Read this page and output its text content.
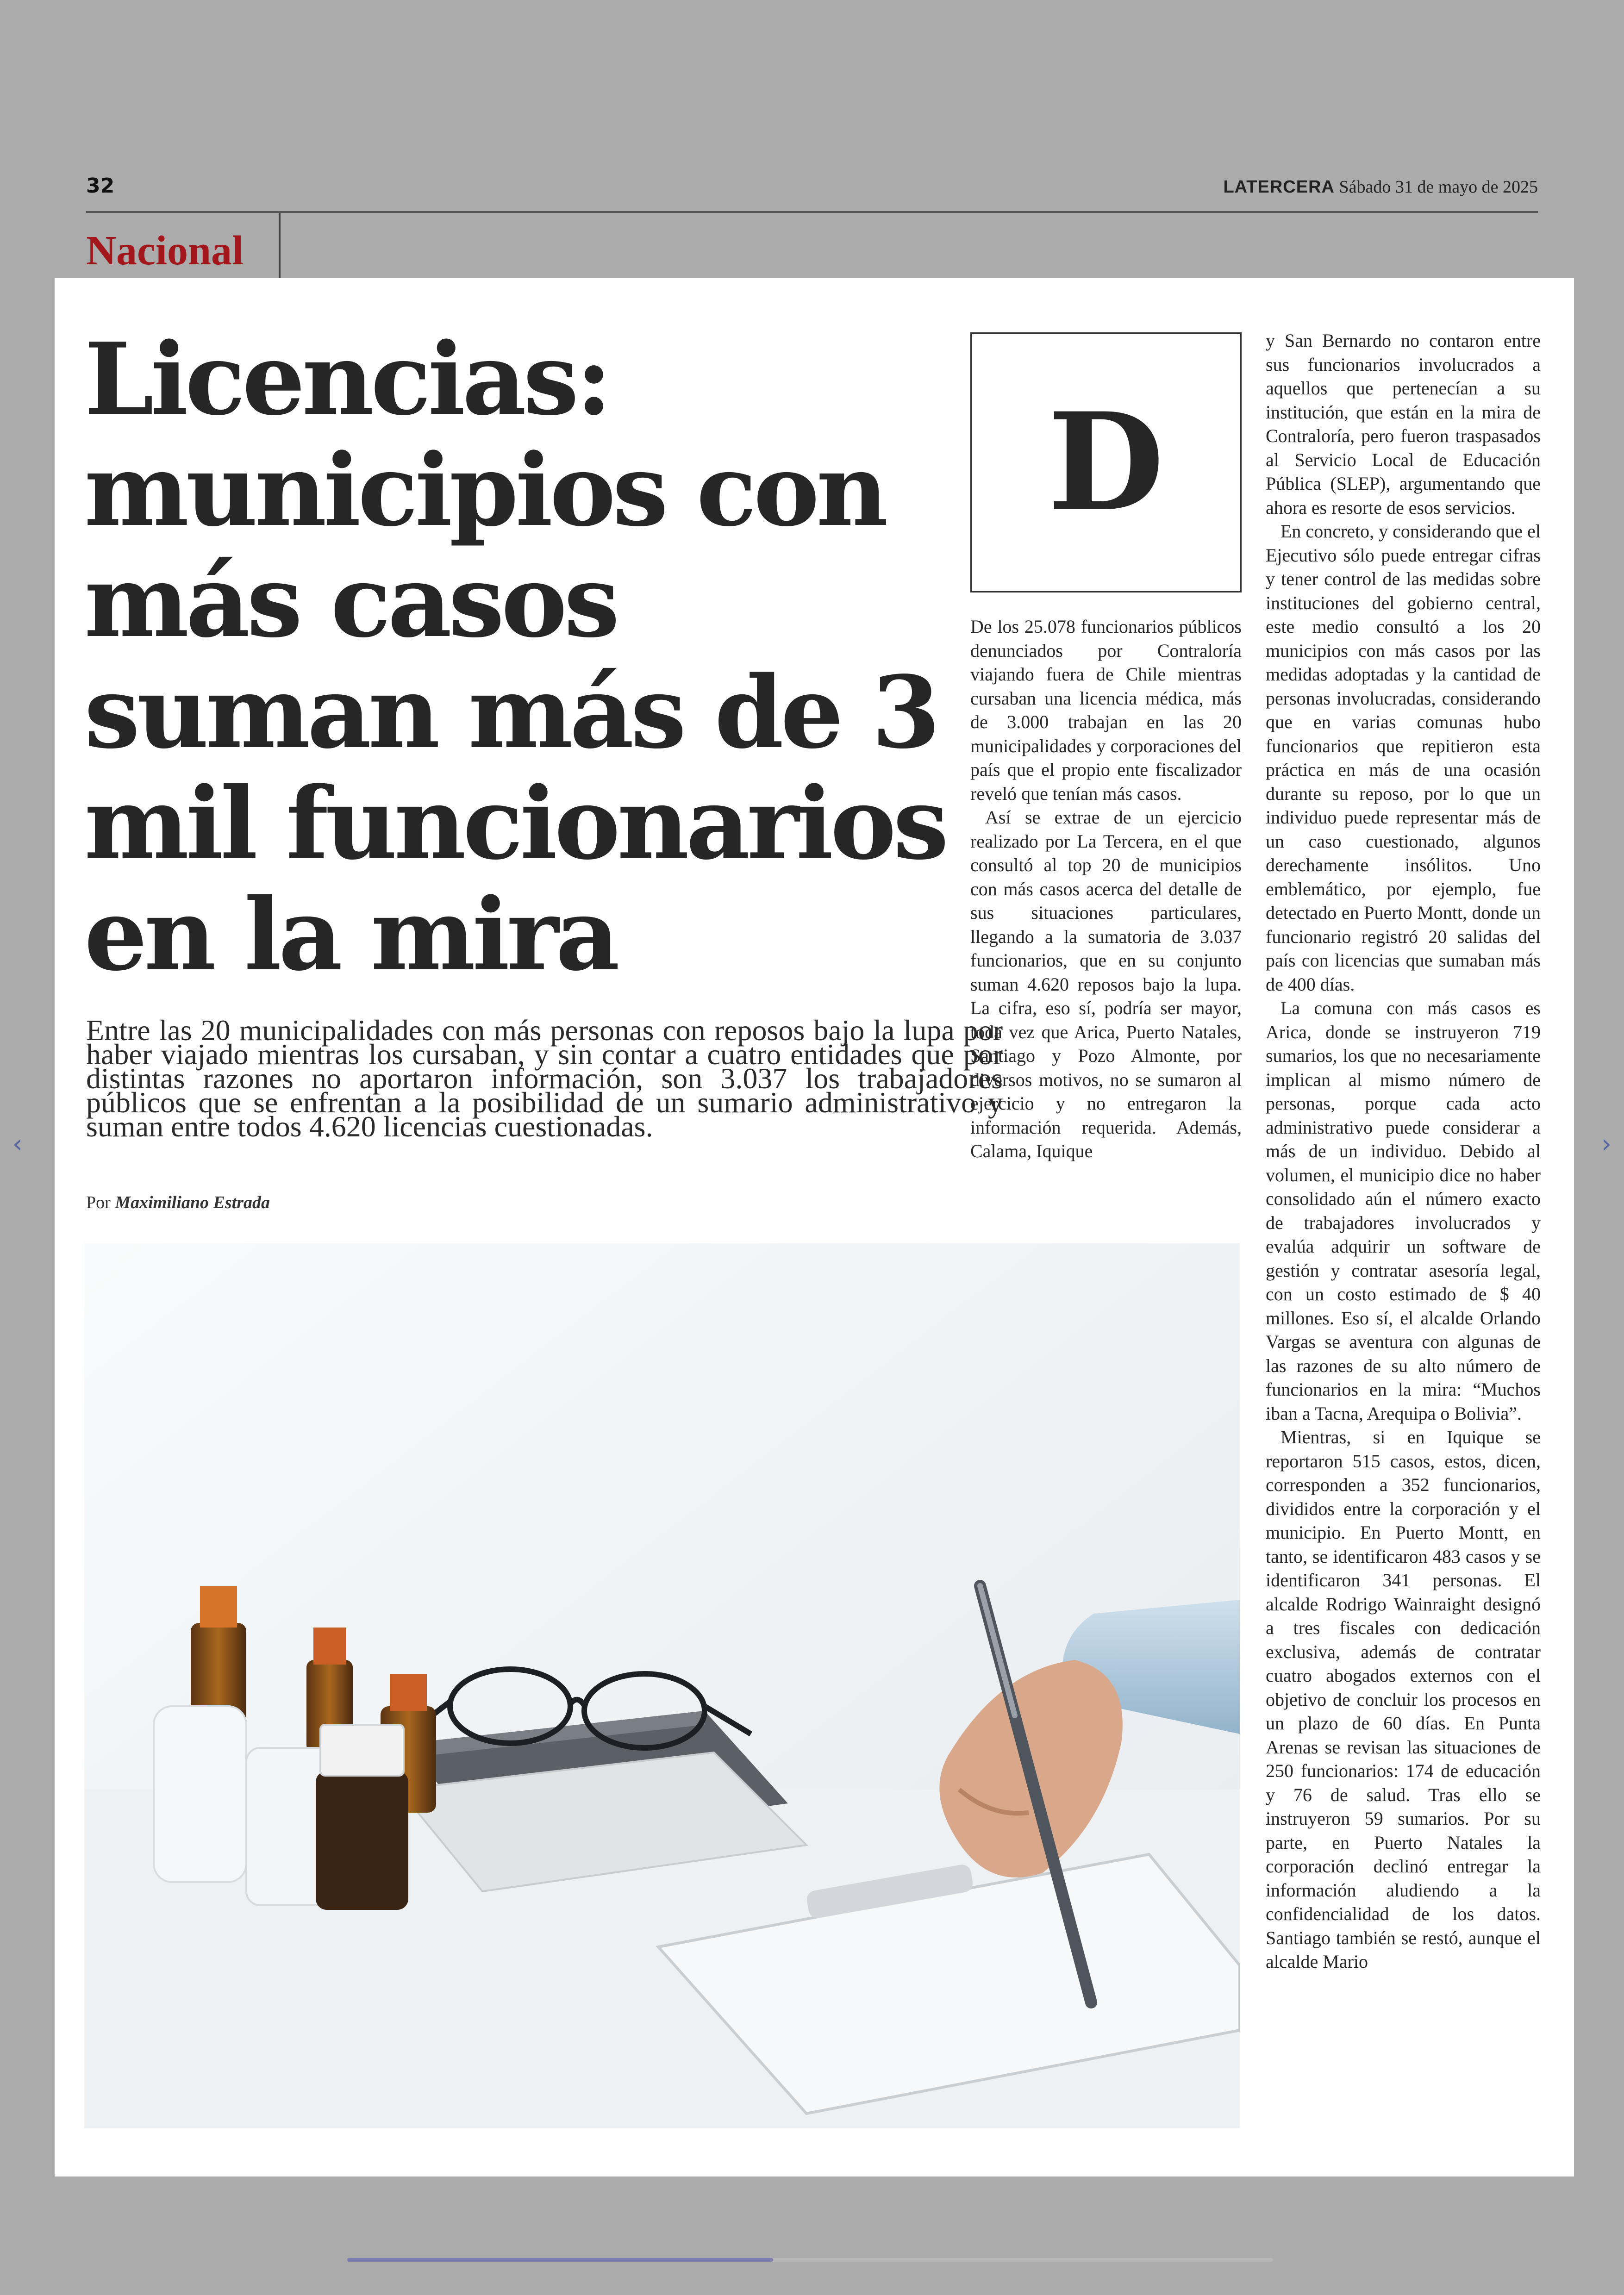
32	LATERCERA Sábado 31 de mayo de 2025
Nacional
Licencias: municipios con más casos suman más de 3 mil funcionarios en la mira

Entre las 20 municipalidades con más personas con reposos bajo la lupa por haber viajado mientras los cursaban, y sin contar a cuatro entidades que por distintas razones no aportaron información, son 3.037 los trabajadores públicos que se enfrentan a la posibilidad de un sumario administrativo y suman entre todos 4.620 licencias cuestionadas.

Por Maximiliano Estrada
D

De los 25.078 funcionarios públicos denunciados por Contraloría viajando fuera de Chile mientras cursaban una licencia médica, más de 3.000 trabajan en las 20 municipalidades y corporaciones del país que el propio ente fiscalizador reveló que tenían más casos.

Así se extrae de un ejercicio realizado por La Tercera, en el que consultó al top 20 de municipios con más casos acerca del detalle de sus situaciones particulares, llegando a la sumatoria de 3.037 funcionarios, que en su conjunto suman 4.620 reposos bajo la lupa. La cifra, eso sí, podría ser mayor, toda vez que Arica, Puerto Natales, Santiago y Pozo Almonte, por diversos motivos, no se sumaron al ejercicio y no entregaron la información requerida. Además, Calama, Iquique

y San Bernardo no contaron entre sus funcionarios involucrados a aquellos que pertenecían a su institución, que están en la mira de Contraloría, pero fueron traspasados al Servicio Local de Educación Pública (SLEP), argumentando que ahora es resorte de esos servicios.

En concreto, y considerando que el Ejecutivo sólo puede entregar cifras y tener control de las medidas sobre instituciones del gobierno central, este medio consultó a los 20 municipios con más casos por las medidas adoptadas y la cantidad de personas involucradas, considerando que en varias comunas hubo funcionarios que repitieron esta práctica en más de una ocasión durante su reposo, por lo que un individuo puede representar más de un caso cuestionado, algunos derechamente insólitos. Uno emblemático, por ejemplo, fue detectado en Puerto Montt, donde un funcionario registró 20 salidas del país con licencias que sumaban más de 400 días.

La comuna con más casos es Arica, donde se instruyeron 719 sumarios, los que no necesariamente implican al mismo número de personas, porque cada acto administrativo puede considerar a más de un individuo. Debido al volumen, el municipio dice no haber consolidado aún el número exacto de trabajadores involucrados y evalúa adquirir un software de gestión y contratar asesoría legal, con un costo estimado de $ 40 millones. Eso sí, el alcalde Orlando Vargas se aventura con algunas de las razones de su alto número de funcionarios en la mira: “Muchos iban a Tacna, Arequipa o Bolivia”.

Mientras, si en Iquique se reportaron 515 casos, estos, dicen, corresponden a 352 funcionarios, divididos entre la corporación y el municipio. En Puerto Montt, en tanto, se identificaron 483 casos y se identificaron 341 personas. El alcalde Rodrigo Wainraight designó a tres fiscales con dedicación exclusiva, además de contratar cuatro abogados externos con el objetivo de concluir los procesos en un plazo de 60 días. En Punta Arenas se revisan las situaciones de 250 funcionarios: 174 de educación y 76 de salud. Tras ello se instruyeron 59 sumarios. Por su parte, en Puerto Natales la corporación declinó entregar la información aludiendo a la confidencialidad de los datos. Santiago también se restó, aunque el alcalde Mario

‹	›
